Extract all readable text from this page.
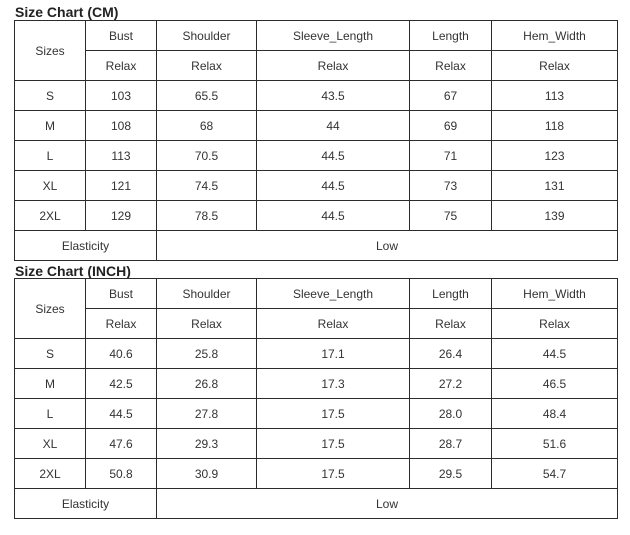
Size Chart (CM)
Sizes	Bust	Shoulder	Sleeve_Length	Length	Hem_Width
	Relax	Relax	Relax	Relax	Relax
S	103	65.5	43.5	67	113
M	108	68	44	69	118
L	113	70.5	44.5	71	123
XL	121	74.5	44.5	73	131
2XL	129	78.5	44.5	75	139
Elasticity		Low			
Size Chart (INCH)
Sizes	Bust	Shoulder	Sleeve_Length	Length	Hem_Width
	Relax	Relax	Relax	Relax	Relax
S	40.6	25.8	17.1	26.4	44.5
M	42.5	26.8	17.3	27.2	46.5
L	44.5	27.8	17.5	28.0	48.4
XL	47.6	29.3	17.5	28.7	51.6
2XL	50.8	30.9	17.5	29.5	54.7
Elasticity		Low			
